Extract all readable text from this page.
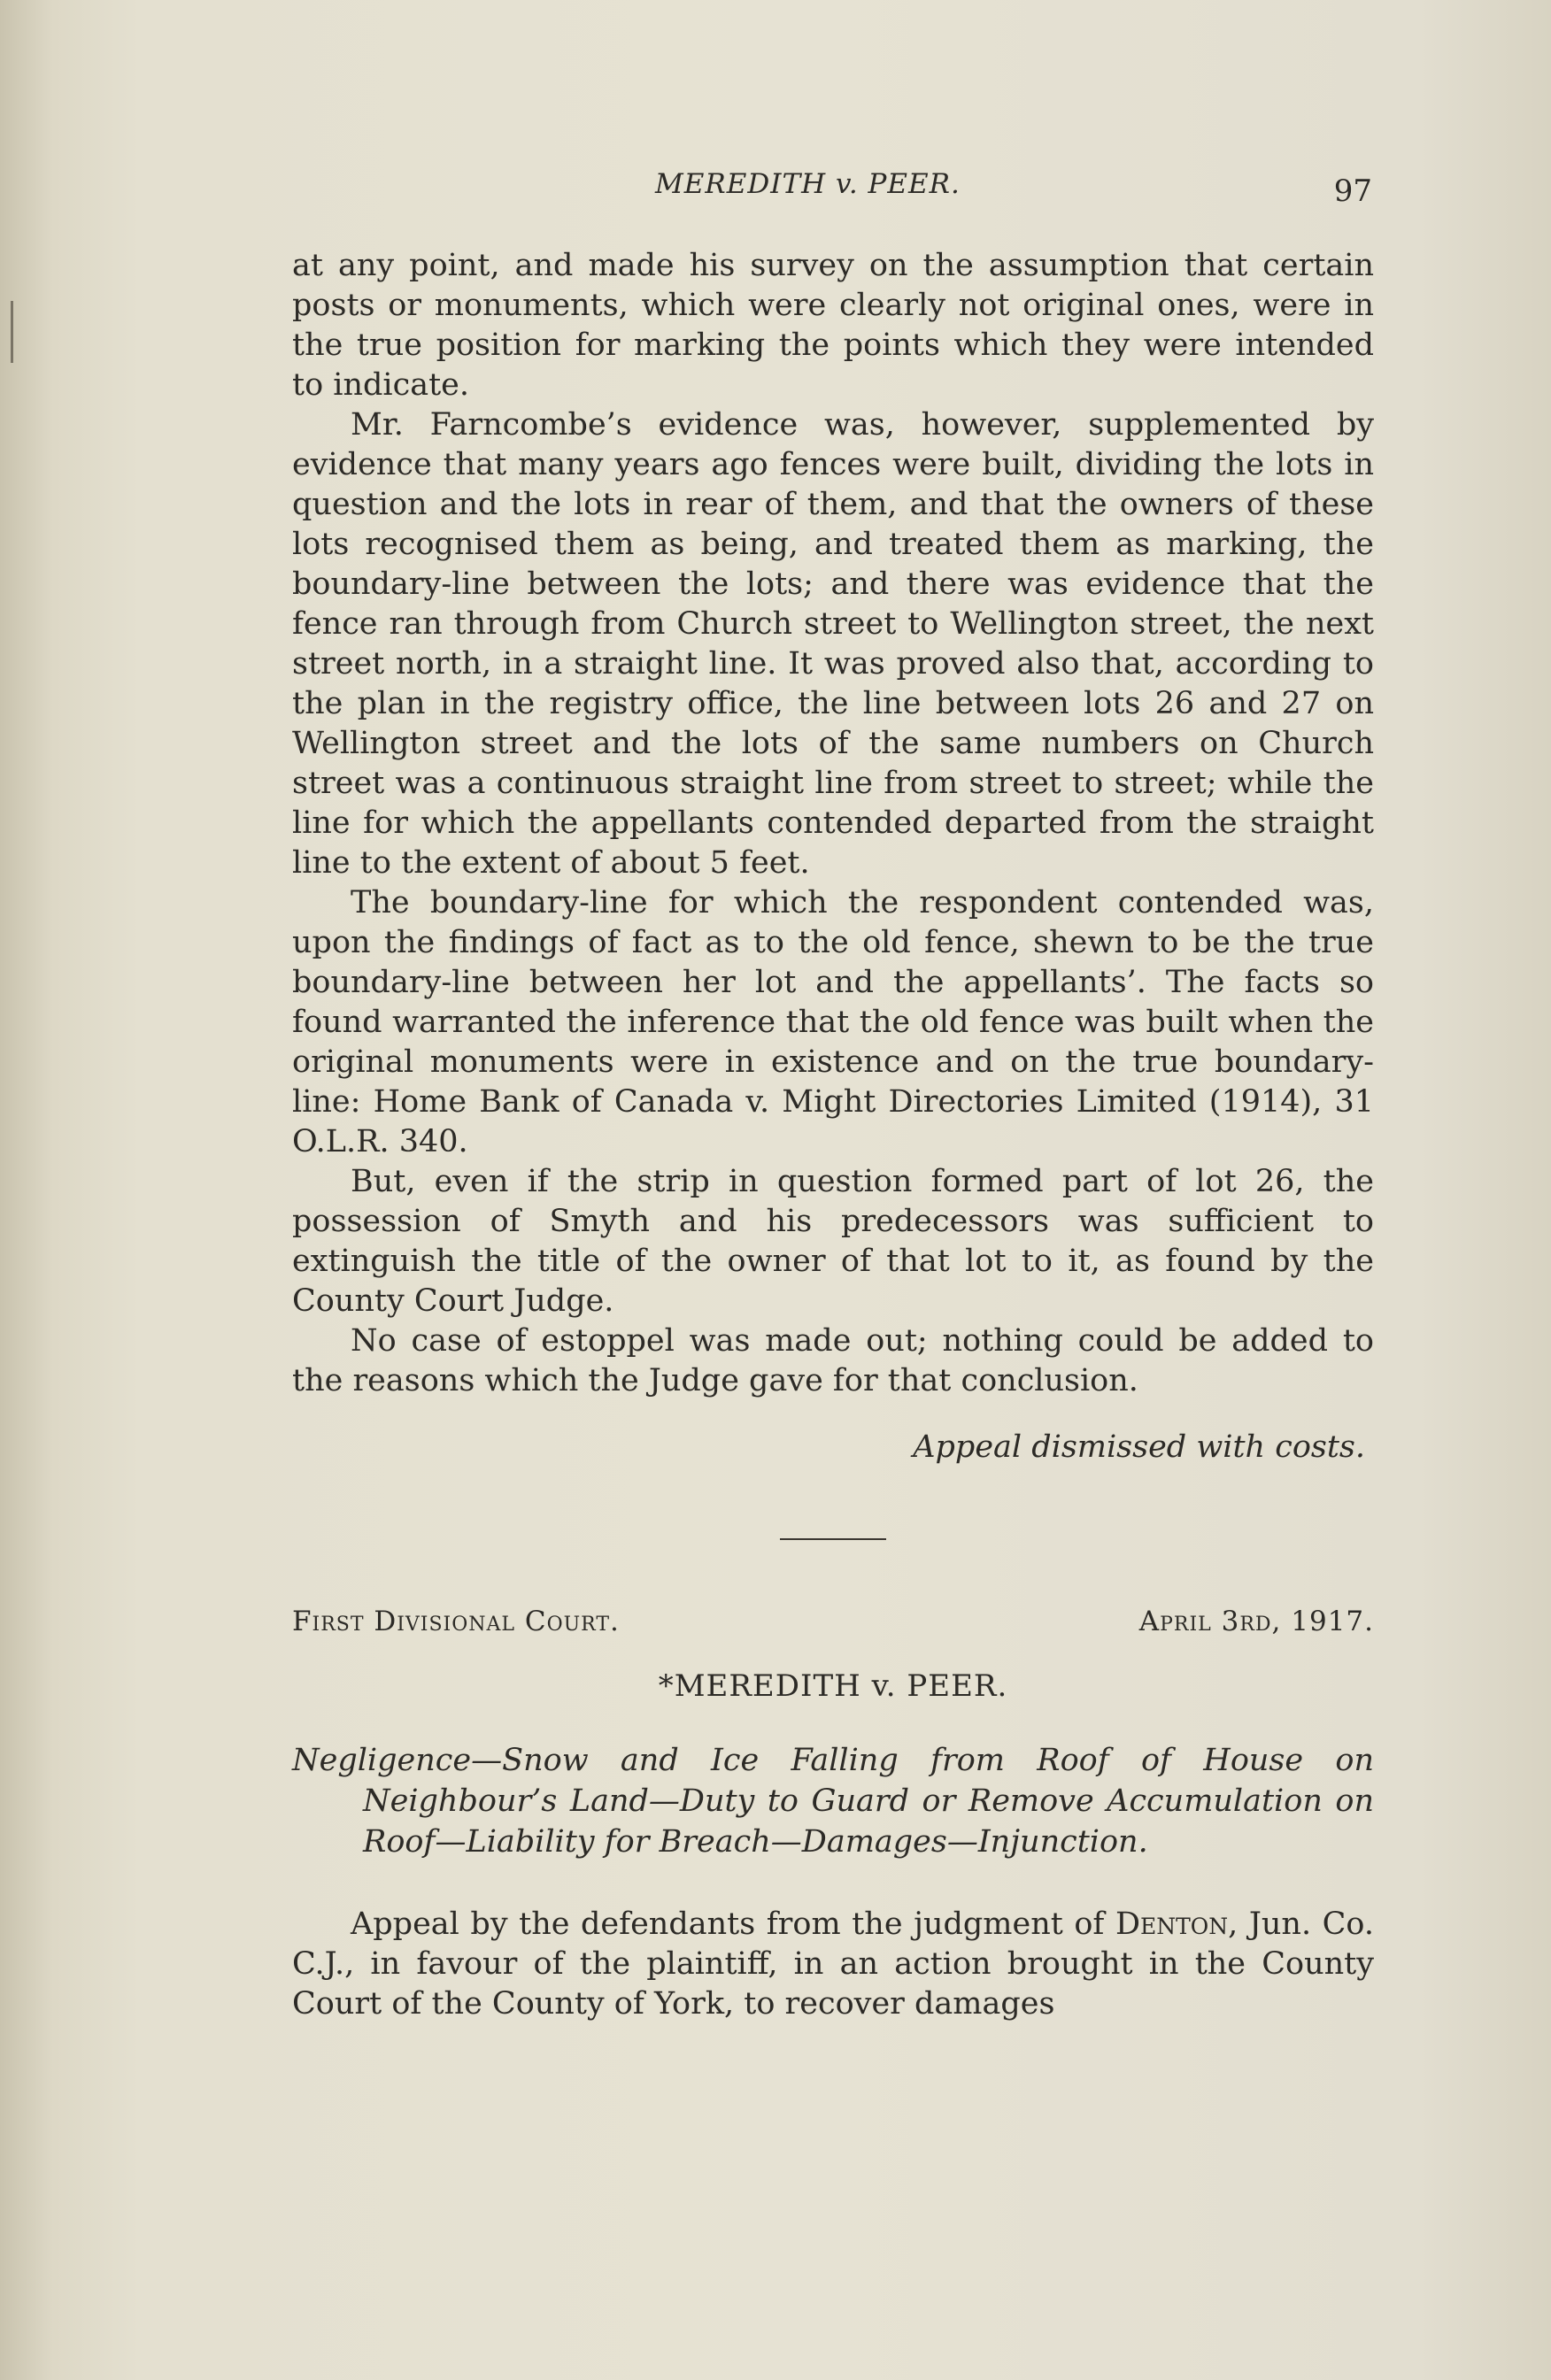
MEREDITH v. PEER.	97

at any point, and made his survey on the assumption that certain posts or monuments, which were clearly not original ones, were in the true position for marking the points which they were intended to indicate.

Mr. Farncombe’s evidence was, however, supplemented by evidence that many years ago fences were built, dividing the lots in question and the lots in rear of them, and that the owners of these lots recognised them as being, and treated them as marking, the boundary-line between the lots; and there was evidence that the fence ran through from Church street to Wellington street, the next street north, in a straight line. It was proved also that, according to the plan in the registry office, the line between lots 26 and 27 on Wellington street and the lots of the same numbers on Church street was a continuous straight line from street to street; while the line for which the appellants contended departed from the straight line to the extent of about 5 feet.

The boundary-line for which the respondent contended was, upon the findings of fact as to the old fence, shewn to be the true boundary-line between her lot and the appellants’. The facts so found warranted the inference that the old fence was built when the original monuments were in existence and on the true boundary-line: Home Bank of Canada v. Might Directories Limited (1914), 31 O.L.R. 340.

But, even if the strip in question formed part of lot 26, the possession of Smyth and his predecessors was sufficient to extinguish the title of the owner of that lot to it, as found by the County Court Judge.

No case of estoppel was made out; nothing could be added to the reasons which the Judge gave for that conclusion.

Appeal dismissed with costs.

First Divisional Court.	April 3rd, 1917.

*MEREDITH v. PEER.

Negligence—Snow and Ice Falling from Roof of House on Neighbour’s Land—Duty to Guard or Remove Accumulation on Roof—Liability for Breach—Damages—Injunction.

Appeal by the defendants from the judgment of Denton, Jun. Co. C.J., in favour of the plaintiff, in an action brought in the County Court of the County of York, to recover damages
